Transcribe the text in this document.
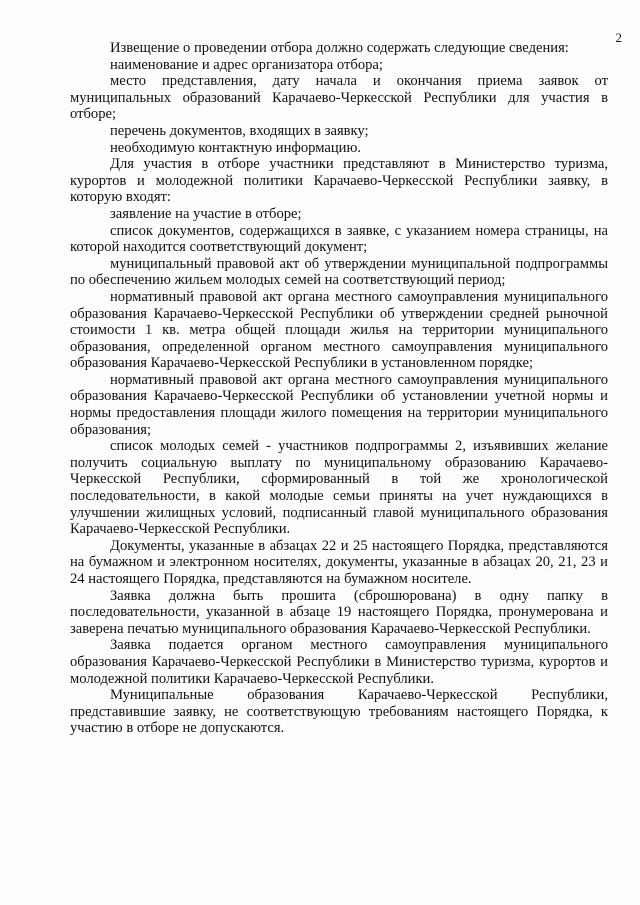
2

Извещение о проведении отбора должно содержать следующие сведения:

наименование и адрес организатора отбора;

место представления, дату начала и окончания приема заявок от муниципальных образований Карачаево-Черкесской Республики для участия в отборе;

перечень документов, входящих в заявку;

необходимую контактную информацию.

Для участия в отборе участники представляют в Министерство туризма, курортов и молодежной политики Карачаево-Черкесской Республики заявку, в которую входят:

заявление на участие в отборе;

список документов, содержащихся в заявке, с указанием номера страницы, на которой находится соответствующий документ;

муниципальный правовой акт об утверждении муниципальной подпрограммы по обеспечению жильем молодых семей на соответствующий период;

нормативный правовой акт органа местного самоуправления муниципального образования Карачаево-Черкесской Республики об утверждении средней рыночной стоимости 1 кв. метра общей площади жилья на территории муниципального образования, определенной органом местного самоуправления муниципального образования Карачаево-Черкесской Республики в установленном порядке;

нормативный правовой акт органа местного самоуправления муниципального образования Карачаево-Черкесской Республики об установлении учетной нормы и нормы предоставления площади жилого помещения на территории муниципального образования;

список молодых семей - участников подпрограммы 2, изъявивших желание получить социальную выплату по муниципальному образованию Карачаево-Черкесской Республики, сформированный в той же хронологической последовательности, в какой молодые семьи приняты на учет нуждающихся в улучшении жилищных условий, подписанный главой муниципального образования Карачаево-Черкесской Республики.

Документы, указанные в абзацах 22 и 25 настоящего Порядка, представляются на бумажном и электронном носителях, документы, указанные в абзацах 20, 21, 23 и 24 настоящего Порядка, представляются на бумажном носителе.

Заявка должна быть прошита (сброшюрована) в одну папку в последовательности, указанной в абзаце 19 настоящего Порядка, пронумерована и заверена печатью муниципального образования Карачаево-Черкесской Республики.

Заявка подается органом местного самоуправления муниципального образования Карачаево-Черкесской Республики в Министерство туризма, курортов и молодежной политики Карачаево-Черкесской Республики.

Муниципальные образования Карачаево-Черкесской Республики, представившие заявку, не соответствующую требованиям настоящего Порядка, к участию в отборе не допускаются.
